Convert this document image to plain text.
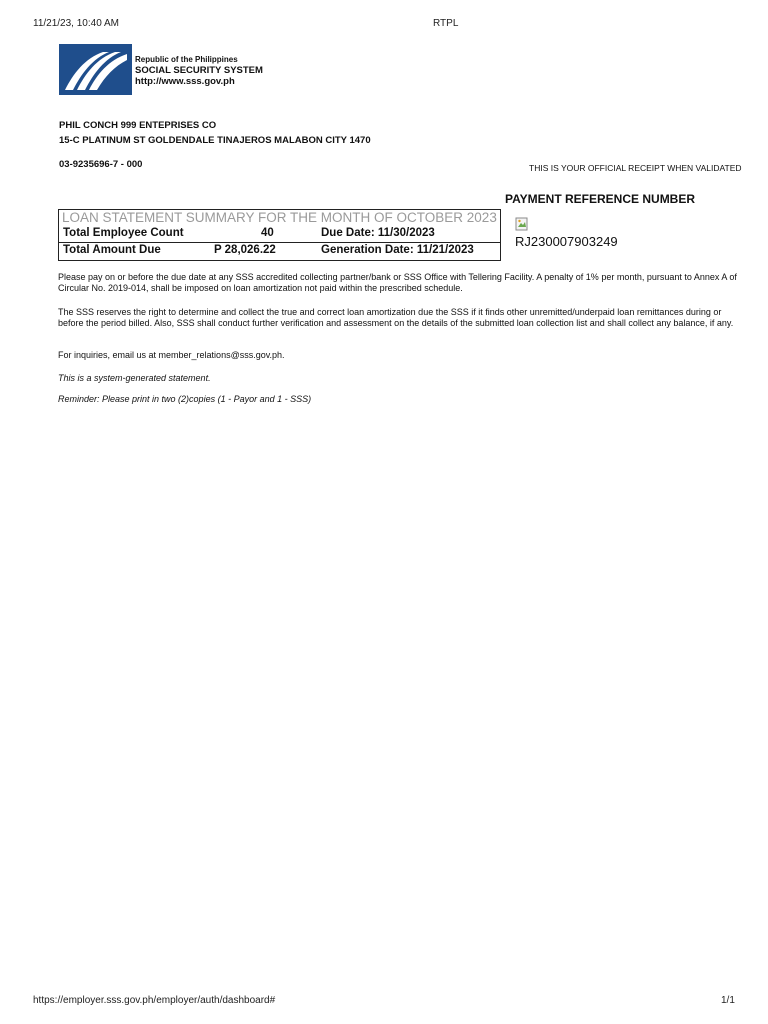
11/21/23, 10:40 AM	RTPL
Republic of the Philippines
SOCIAL SECURITY SYSTEM
http://www.sss.gov.ph
PHIL CONCH 999 ENTEPRISES CO
15-C PLATINUM ST GOLDENDALE TINAJEROS MALABON CITY 1470
03-9235696-7 - 000	THIS IS YOUR OFFICIAL RECEIPT WHEN VALIDATED
PAYMENT REFERENCE NUMBER
LOAN STATEMENT SUMMARY FOR THE MONTH OF OCTOBER 2023
Total Employee Count	40	Due Date: 11/30/2023
Total Amount Due	P 28,026.22	Generation Date: 11/21/2023
RJ230007903249
Please pay on or before the due date at any SSS accredited collecting partner/bank or SSS Office with Tellering Facility. A penalty of 1% per month, pursuant to Annex A of Circular No. 2019-014, shall be imposed on loan amortization not paid within the prescribed schedule.
The SSS reserves the right to determine and collect the true and correct loan amortization due the SSS if it finds other unremitted/underpaid loan remittances during or before the period billed. Also, SSS shall conduct further verification and assessment on the details of the submitted loan collection list and shall collect any balance, if any.
For inquiries, email us at member_relations@sss.gov.ph.
This is a system-generated statement.
Reminder: Please print in two (2)copies (1 - Payor and 1 - SSS)
https://employer.sss.gov.ph/employer/auth/dashboard#	1/1
